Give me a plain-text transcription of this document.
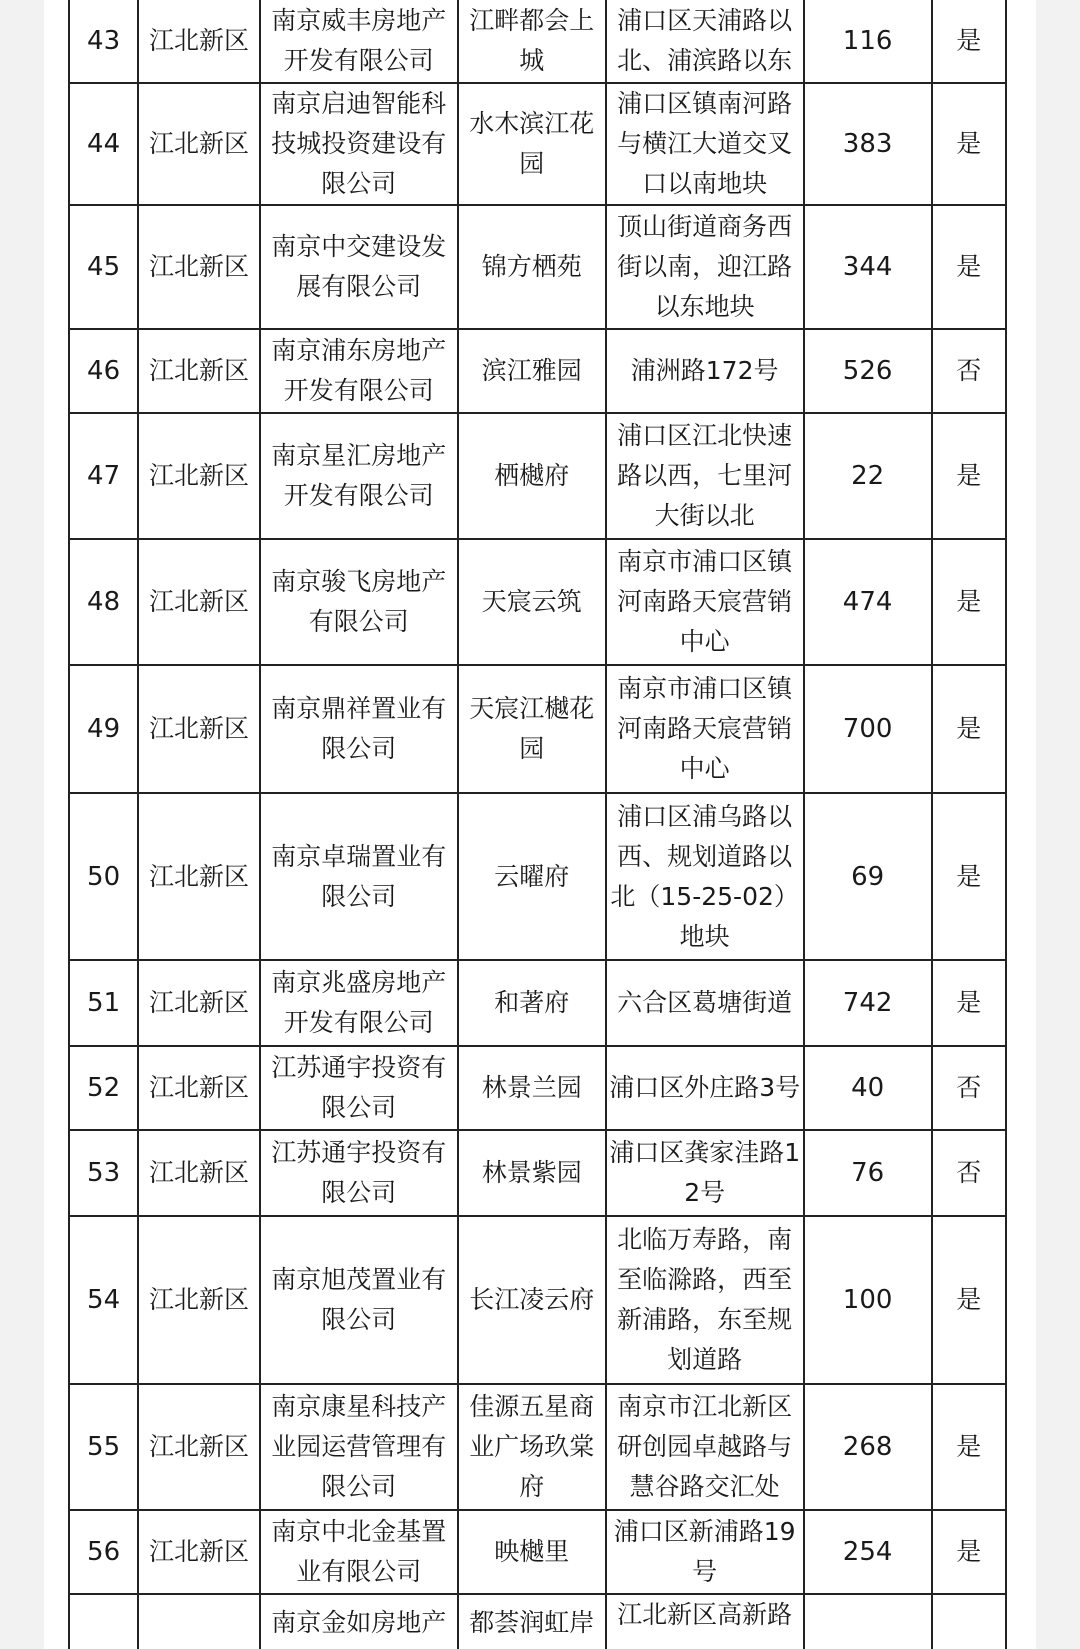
43	江北新区	南京威丰房地产开发有限公司	江畔都会上城	浦口区天浦路以北、浦滨路以东	116	是
44	江北新区	南京启迪智能科技城投资建设有限公司	水木滨江花园	浦口区镇南河路与横江大道交叉口以南地块	383	是
45	江北新区	南京中交建设发展有限公司	锦方栖苑	顶山街道商务西街以南，迎江路以东地块	344	是
46	江北新区	南京浦东房地产开发有限公司	滨江雅园	浦洲路172号	526	否
47	江北新区	南京星汇房地产开发有限公司	栖樾府	浦口区江北快速路以西，七里河大街以北	22	是
48	江北新区	南京骏飞房地产有限公司	天宸云筑	南京市浦口区镇河南路天宸营销中心	474	是
49	江北新区	南京鼎祥置业有限公司	天宸江樾花园	南京市浦口区镇河南路天宸营销中心	700	是
50	江北新区	南京卓瑞置业有限公司	云曜府	浦口区浦乌路以西、规划道路以北（15-25-02）地块	69	是
51	江北新区	南京兆盛房地产开发有限公司	和著府	六合区葛塘街道	742	是
52	江北新区	江苏通宇投资有限公司	林景兰园	浦口区外庄路3号	40	否
53	江北新区	江苏通宇投资有限公司	林景紫园	浦口区龚家洼路12号	76	否
54	江北新区	南京旭茂置业有限公司	长江凌云府	北临万寿路，南至临滁路，西至新浦路，东至规划道路	100	是
55	江北新区	南京康星科技产业园运营管理有限公司	佳源五星商业广场玖棠府	南京市江北新区研创园卓越路与慧谷路交汇处	268	是
56	江北新区	南京中北金基置业有限公司	映樾里	浦口区新浦路19号	254	是
		南京金如房地产	都荟润虹岸	江北新区高新路		
